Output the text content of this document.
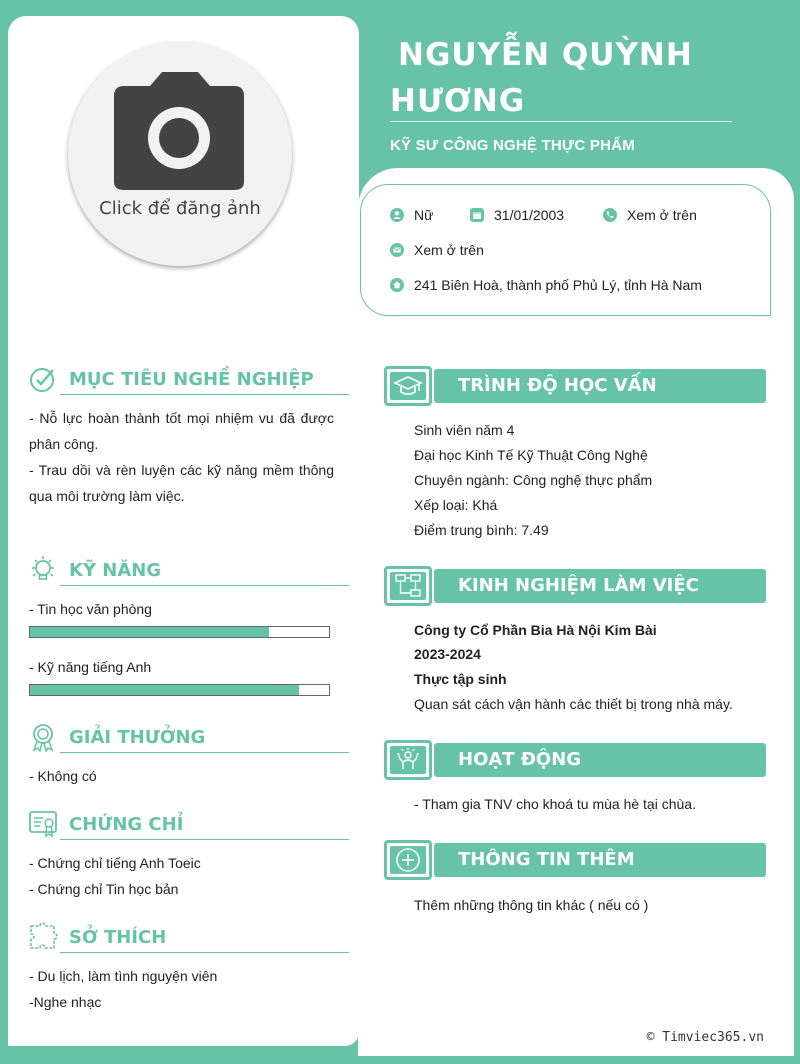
Click để đăng ảnh
NGUYỄN QUỲNH
HƯƠNG
KỸ SƯ CÔNG NGHỆ THỰC PHẨM
Nữ	31/01/2003	Xem ở trên
Xem ở trên
241 Biên Hoà, thành phố Phủ Lý, tỉnh Hà Nam
MỤC TIÊU NGHỀ NGHIỆP
- Nỗ lực hoàn thành tốt mọi nhiệm vu đã được phân công.
- Trau dồi và rèn luyện các kỹ năng mềm thông qua môi trường làm việc.
KỸ NĂNG
- Tin học văn phòng
- Kỹ năng tiếng Anh
GIẢI THƯỞNG
- Không có
CHỨNG CHỈ
- Chứng chỉ tiếng Anh Toeic
- Chứng chỉ Tin học bản
SỞ THÍCH
- Du lịch, làm tình nguyện viên
-Nghe nhạc
TRÌNH ĐỘ HỌC VẤN
Sinh viên năm 4
Đại học Kinh Tế Kỹ Thuật Công Nghệ
Chuyên ngành: Công nghệ thực phẩm
Xếp loại: Khá
Điểm trung bình: 7.49
KINH NGHIỆM LÀM VIỆC
Công ty Cổ Phần Bia Hà Nội Kim Bài
2023-2024
Thực tập sinh
Quan sát cách vận hành các thiết bị trong nhà máy.
HOẠT ĐỘNG
- Tham gia TNV cho khoá tu mùa hè tại chùa.
THÔNG TIN THÊM
Thêm những thông tin khác ( nếu có )
© Timviec365.vn
